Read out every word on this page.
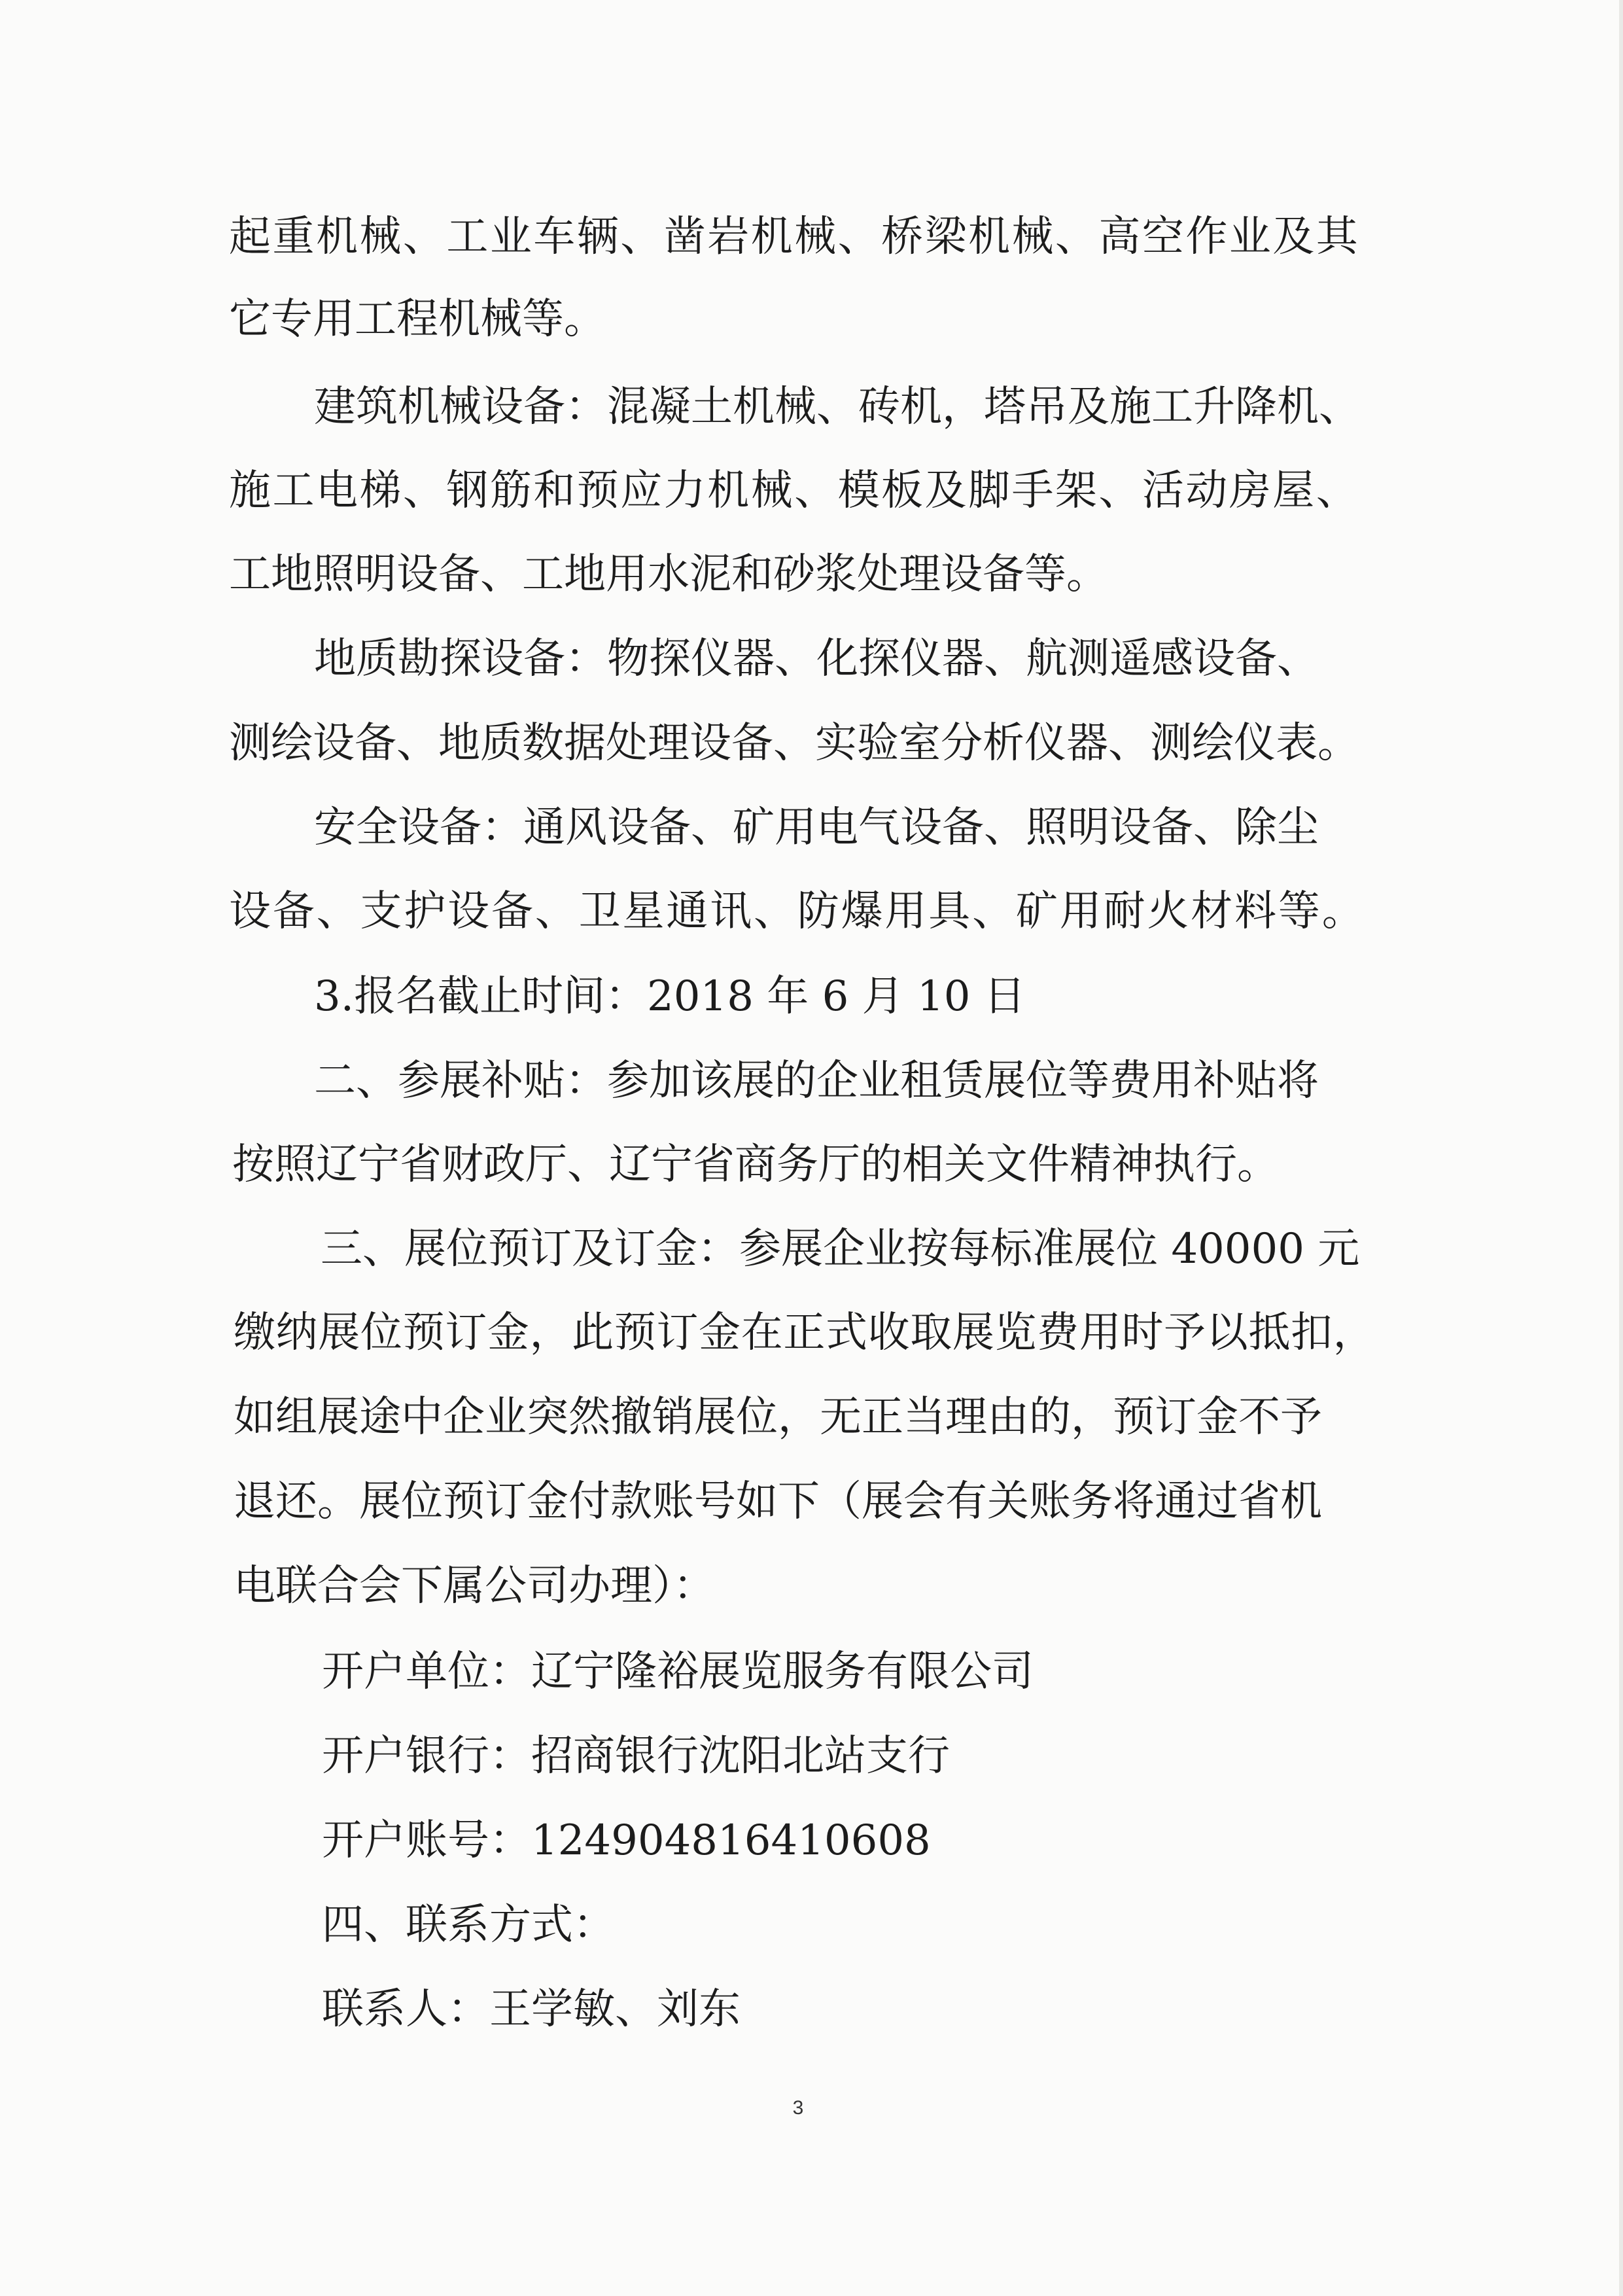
起 重 机 械 、 工 业 车 辆 、 凿 岩 机 械 、 桥 梁 机 械 、 高 空 作 业 及 其
它专用工程机械等。
建筑机械设备：混凝土机械、砖机，塔吊及施工升降机、
施 工 电 梯 、 钢 筋 和 预 应 力 机 械 、 模 板 及 脚 手 架 、 活 动 房 屋 、
工地照明设备、工地用水泥和砂浆处理设备等。
地质勘探设备：物探仪器、化探仪器、航测遥感设备、
测 绘 设 备 、 地 质 数 据 处 理 设 备 、 实 验 室 分 析 仪 器 、 测 绘 仪 表 。
安全设备：通风设备、矿用电气设备、照明设备、除尘
设 备 、 支 护 设 备 、 卫 星 通 讯 、 防 爆 用 具 、 矿 用 耐 火 材 料 等 。
3.报名截止时间：2018 年 6 月 10 日
二、参展补贴：参加该展的企业租赁展位等费用补贴将
按照辽宁省财政厅、辽宁省商务厅的相关文件精神执行。
三、展位预订及订金：参展企业按每标准展位 40000 元
缴 纳 展 位 预 订 金 ， 此 预 订 金 在 正 式 收 取 展 览 费 用 时 予 以 抵 扣 ，
如组展途中企业突然撤销展位，无正当理由的，预订金不予
退还。展位预订金付款账号如下（展会有关账务将通过省机
电联合会下属公司办理）：
开户单位：辽宁隆裕展览服务有限公司
开户银行：招商银行沈阳北站支行
开户账号：124904816410608
四、联系方式：
联系人：王学敏、刘东
3
